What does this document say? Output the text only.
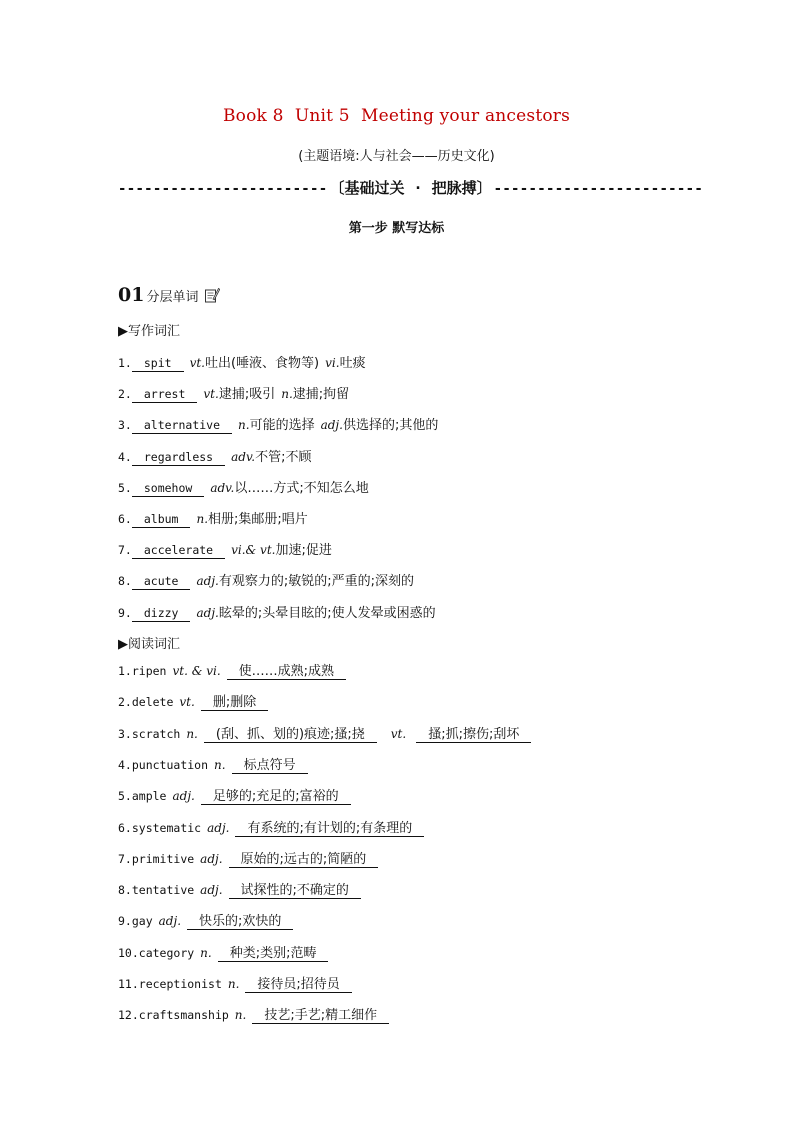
Book 8  Unit 5  Meeting your ancestors
(主题语境:人与社会——历史文化)
------------------------ 〔基础过关 · 把脉搏〕 ------------------------
第一步 默写达标
01 分层单词
▶写作词汇
1. spit vt.吐出(唾液、食物等) vi.吐痰
2. arrest vt.逮捕;吸引 n.逮捕;拘留
3. alternative n.可能的选择 adj.供选择的;其他的
4. regardless adv.不管;不顾
5. somehow adv.以……方式;不知怎么地
6. album n.相册;集邮册;唱片
7. accelerate vi.& vt.加速;促进
8. acute adj.有观察力的;敏锐的;严重的;深刻的
9. dizzy adj.眩晕的;头晕目眩的;使人发晕或困惑的
▶阅读词汇
1.ripen vt. & vi. 使……成熟;成熟
2.delete vt. 删;删除
3.scratch n. (刮、抓、划的)痕迹;搔;挠 vt. 搔;抓;擦伤;刮坏
4.punctuation n. 标点符号
5.ample adj. 足够的;充足的;富裕的
6.systematic adj. 有系统的;有计划的;有条理的
7.primitive adj. 原始的;远古的;简陋的
8.tentative adj. 试探性的;不确定的
9.gay adj. 快乐的;欢快的
10.category n. 种类;类别;范畴
11.receptionist n. 接待员;招待员
12.craftsmanship n. 技艺;手艺;精工细作
